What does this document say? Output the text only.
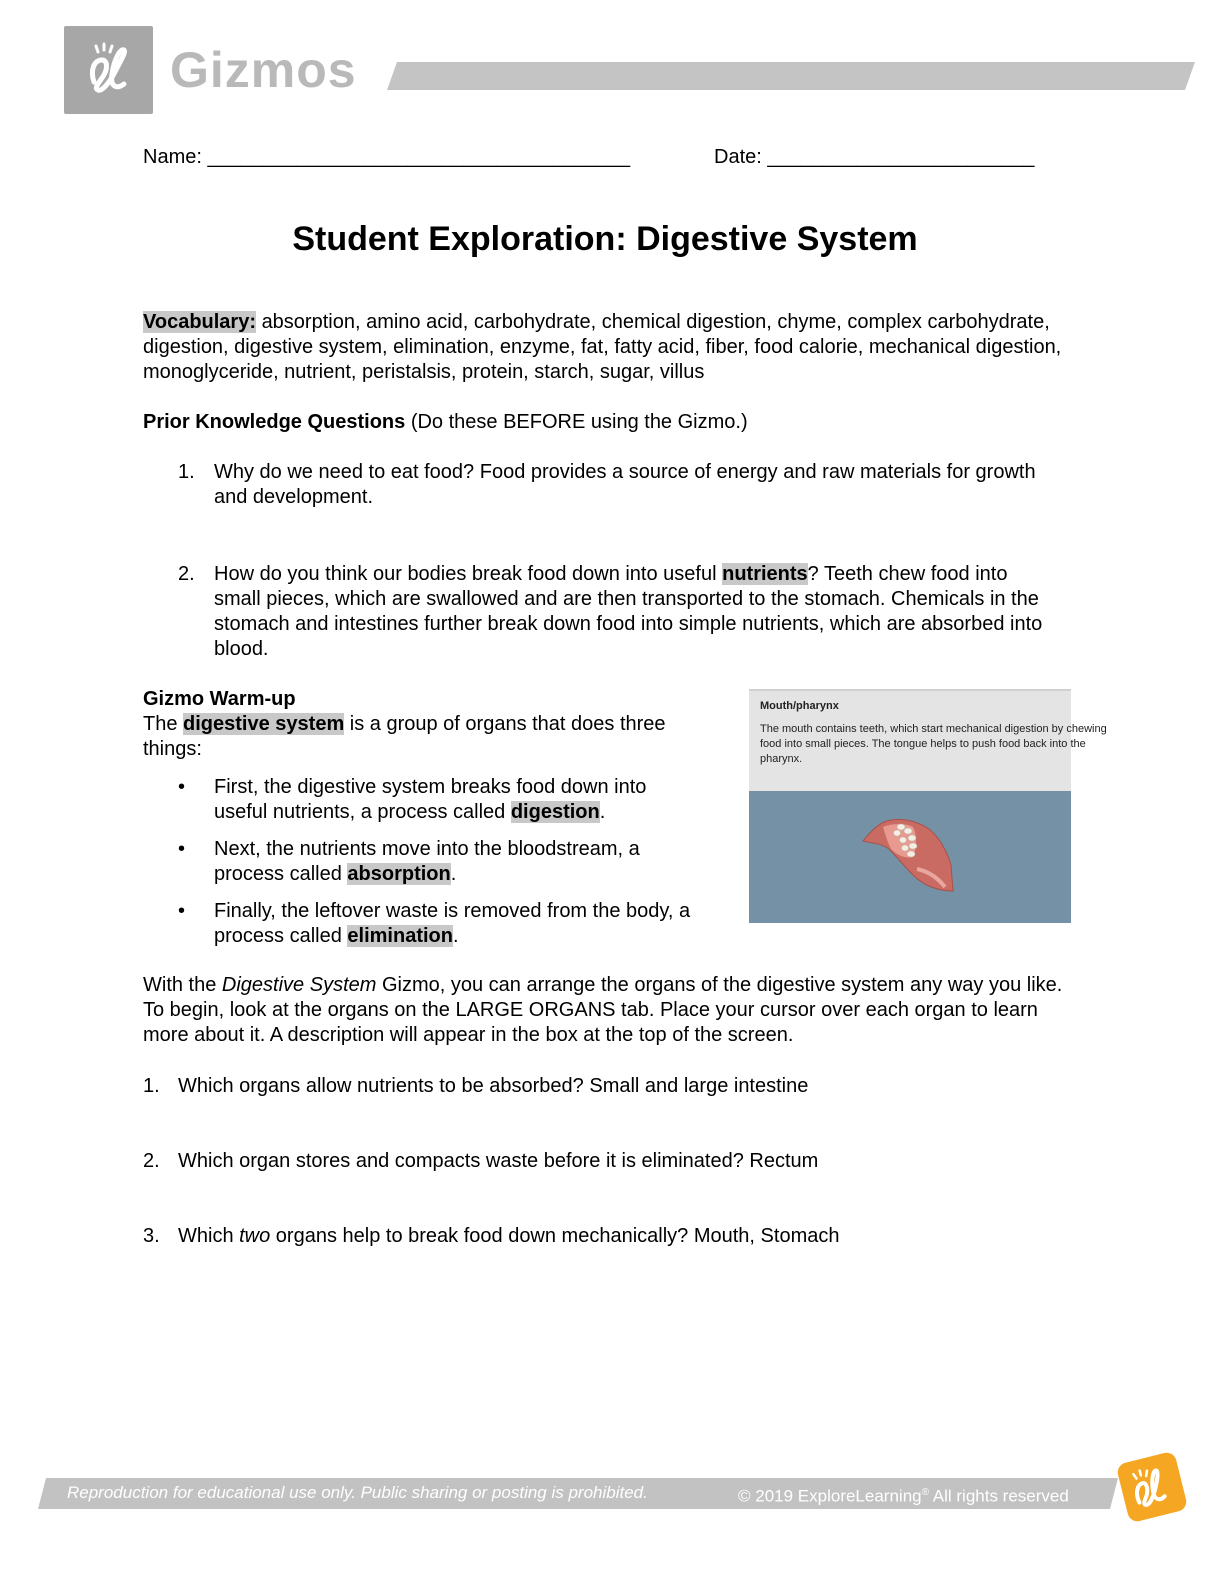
Gizmos
Name: ______________________________________	Date: ________________________
Student Exploration: Digestive System
Vocabulary: absorption, amino acid, carbohydrate, chemical digestion, chyme, complex carbohydrate, digestion, digestive system, elimination, enzyme, fat, fatty acid, fiber, food calorie, mechanical digestion, monoglyceride, nutrient, peristalsis, protein, starch, sugar, villus
Prior Knowledge Questions (Do these BEFORE using the Gizmo.)
1. Why do we need to eat food? Food provides a source of energy and raw materials for growth and development.
2. How do you think our bodies break food down into useful nutrients? Teeth chew food into small pieces, which are swallowed and are then transported to the stomach. Chemicals in the stomach and intestines further break down food into simple nutrients, which are absorbed into blood.
Gizmo Warm-up
The digestive system is a group of organs that does three things:
• First, the digestive system breaks food down into useful nutrients, a process called digestion.
• Next, the nutrients move into the bloodstream, a process called absorption.
• Finally, the leftover waste is removed from the body, a process called elimination.
Mouth/pharynx
The mouth contains teeth, which start mechanical digestion by chewing food into small pieces. The tongue helps to push food back into the pharynx.
With the Digestive System Gizmo, you can arrange the organs of the digestive system any way you like. To begin, look at the organs on the LARGE ORGANS tab. Place your cursor over each organ to learn more about it. A description will appear in the box at the top of the screen.
1. Which organs allow nutrients to be absorbed? Small and large intestine
2. Which organ stores and compacts waste before it is eliminated? Rectum
3. Which two organs help to break food down mechanically? Mouth, Stomach
Reproduction for educational use only. Public sharing or posting is prohibited.	© 2019 ExploreLearning® All rights reserved
